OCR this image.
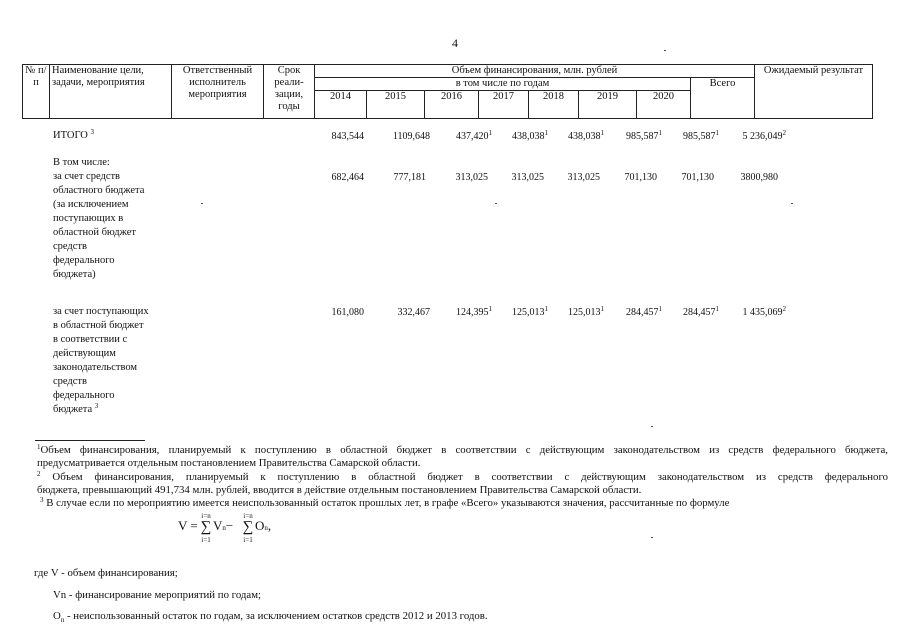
4
№ п/п	Наименование цели, задачи, мероприятия	Ответственный исполнитель мероприятия	Срок реали- зации, годы	Объем финансирования, млн. рублей								Ожидаемый результат
				в том числе по годам							Всего	
				2014	2015	2016	2017	2018	2019	2020		
ИТОГО $^3$	843,544	1109,648	437,420$^1$	438,038$^1$	438,038$^1$	985,587$^1$	985,587$^1$	5 236,049$^2$
В том числе:
за счет средств
областного бюджета
(за исключением
поступающих в
областной бюджет
средств
федерального
бюджета)
682,464	777,181	313,025	313,025	313,025	701,130	701,130	3800,980
за счет поступающих
в областной бюджет
в соответствии с
действующим
законодательством
средств
федерального
бюджета $^3$
161,080	332,467	124,395$^1$	125,013$^1$	125,013$^1$	284,457$^1$	284,457$^1$	1 435,069$^2$
$^1$Объем финансирования, планируемый к поступлению в областной бюджет в соответствии с действующим законодательством из средств федерального бюджета,
предусматривается отдельным постановлением Правительства Самарской области.
$^2$ Объем финансирования, планируемый к поступлению в областной бюджет в соответствии с действующим законодательством из средств федерального
бюджета, превышающий 491,734 млн. рублей, вводится в действие отдельным постановлением Правительства Самарской области.
$^3$ В случае если по мероприятию имеется неиспользованный остаток прошлых лет, в графе «Всего» указываются значения, рассчитанные по формуле
V =
i=n
∑
i=1
Vn−
i=n
∑
i=1
On,
где V - объем финансирования;
Vn - финансирование мероприятий по годам;
$O_n$ - неиспользованный остаток по годам, за исключением остатков средств 2012 и 2013 годов.
